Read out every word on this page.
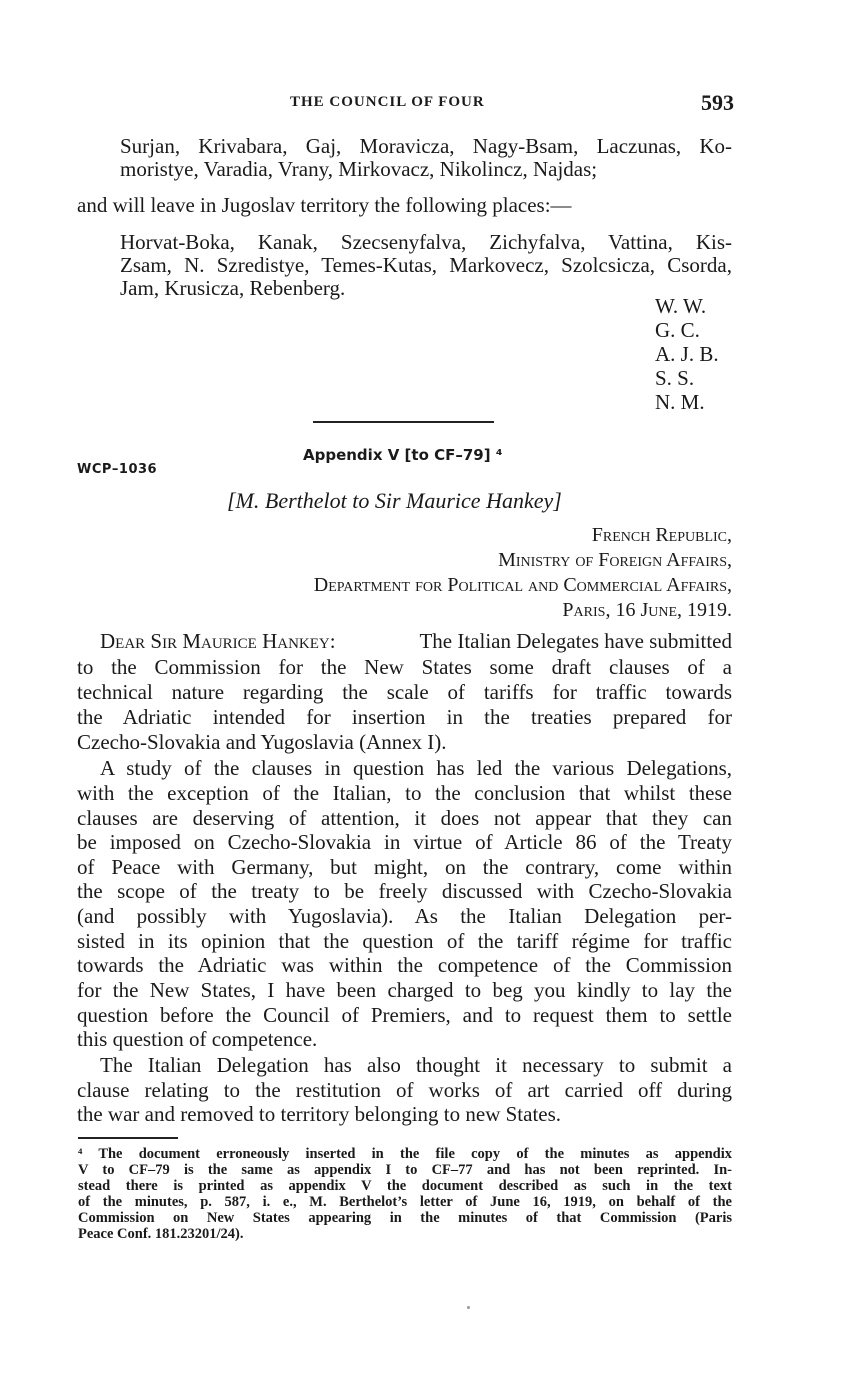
THE COUNCIL OF FOUR	593
Surjan, Krivabara, Gaj, Moravicza, Nagy-Bsam, Laczunas, Ko-
moristye, Varadia, Vrany, Mirkovacz, Nikolincz, Najdas;
and will leave in Jugoslav territory the following places:—
Horvat-Boka, Kanak, Szecsenyfalva, Zichyfalva, Vattina, Kis-
Zsam, N. Szredistye, Temes-Kutas, Markovecz, Szolcsicza, Csorda,
Jam, Krusicza, Rebenberg.
W. W.
G. C.
A. J. B.
S. S.
N. M.
Appendix V [to CF–79] ⁴
WCP–1036
[M. Berthelot to Sir Maurice Hankey]
French Republic,
Ministry of Foreign Affairs,
Department for Political and Commercial Affairs,
Paris, 16 June, 1919.
Dear Sir Maurice Hankey:	The Italian Delegates have submitted
to the Commission for the New States some draft clauses of a
technical nature regarding the scale of tariffs for traffic towards
the Adriatic intended for insertion in the treaties prepared for
Czecho-Slovakia and Yugoslavia (Annex I).
A study of the clauses in question has led the various Delegations,
with the exception of the Italian, to the conclusion that whilst these
clauses are deserving of attention, it does not appear that they can
be imposed on Czecho-Slovakia in virtue of Article 86 of the Treaty
of Peace with Germany, but might, on the contrary, come within
the scope of the treaty to be freely discussed with Czecho-Slovakia
(and possibly with Yugoslavia). As the Italian Delegation per-
sisted in its opinion that the question of the tariff régime for traffic
towards the Adriatic was within the competence of the Commission
for the New States, I have been charged to beg you kindly to lay the
question before the Council of Premiers, and to request them to settle
this question of competence.
The Italian Delegation has also thought it necessary to submit a
clause relating to the restitution of works of art carried off during
the war and removed to territory belonging to new States.
⁴ The document erroneously inserted in the file copy of the minutes as appendix
V to CF–79 is the same as appendix I to CF–77 and has not been reprinted. In-
stead there is printed as appendix V the document described as such in the text
of the minutes, p. 587, i. e., M. Berthelot’s letter of June 16, 1919, on behalf of the
Commission on New States appearing in the minutes of that Commission (Paris
Peace Conf. 181.23201/24).
